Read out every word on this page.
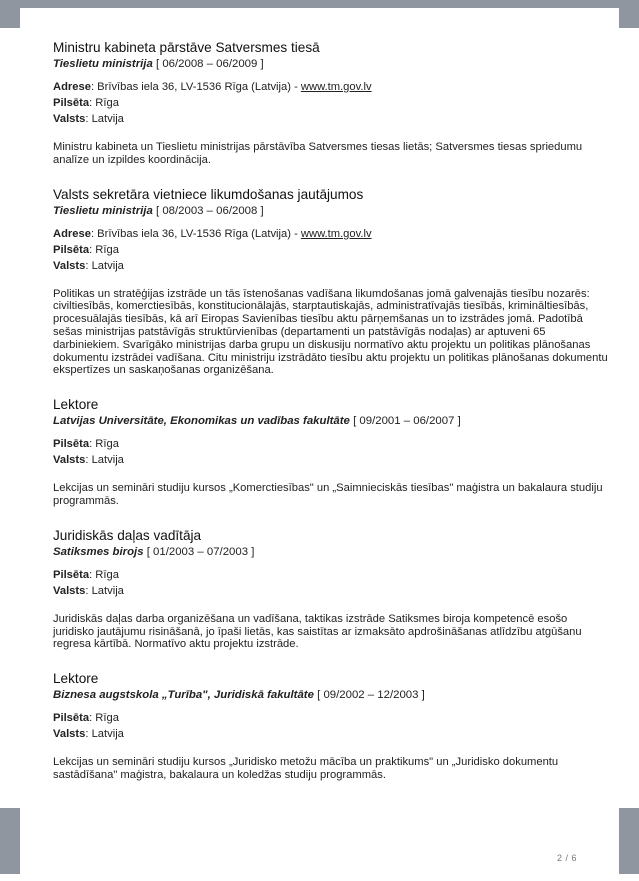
2 / 6
Ministru kabineta pārstāve Satversmes tiesā
Tieslietu ministrija [ 06/2008 – 06/2009 ]
Adrese: Brīvības iela 36, LV-1536 Rīga (Latvija) - www.tm.gov.lv
Pilsēta: Rīga
Valsts: Latvija
Ministru kabineta un Tieslietu ministrijas pārstāvība Satversmes tiesas lietās; Satversmes tiesas spriedumu analīze un izpildes koordinācija.
Valsts sekretāra vietniece likumdošanas jautājumos
Tieslietu ministrija [ 08/2003 – 06/2008 ]
Adrese: Brīvības iela 36, LV-1536 Rīga (Latvija) - www.tm.gov.lv
Pilsēta: Rīga
Valsts: Latvija
Politikas un stratēģijas izstrāde un tās īstenošanas vadīšana likumdošanas jomā galvenajās tiesību nozarēs: civiltiesībās, komerctiesībās, konstitucionālajās, starptautiskajās, administratīvajās tiesībās, krimināltiesībās, procesuālajās tiesībās, kā arī Eiropas Savienības tiesību aktu pārņemšanas un to izstrādes jomā. Padotībā sešas ministrijas patstāvīgās struktūrvienības (departamenti un patstāvīgās nodaļas) ar aptuveni 65 darbiniekiem. Svarīgāko ministrijas darba grupu un diskusiju normatīvo aktu projektu un politikas plānošanas dokumentu izstrādei vadīšana. Citu ministriju izstrādāto tiesību aktu projektu un politikas plānošanas dokumentu ekspertīzes un saskaņošanas organizēšana.
Lektore
Latvijas Universitāte, Ekonomikas un vadības fakultāte [ 09/2001 – 06/2007 ]
Pilsēta: Rīga
Valsts: Latvija
Lekcijas un semināri studiju kursos „Komerctiesības" un „Saimnieciskās tiesības" maģistra un bakalaura studiju programmās.
Juridiskās daļas vadītāja
Satiksmes birojs [ 01/2003 – 07/2003 ]
Pilsēta: Rīga
Valsts: Latvija
Juridiskās daļas darba organizēšana un vadīšana, taktikas izstrāde Satiksmes biroja kompetencē esošo juridisko jautājumu risināšanā, jo īpaši lietās, kas saistītas ar izmaksāto apdrošināšanas atlīdzību atgūšanu regresa kārtībā. Normatīvo aktu projektu izstrāde.
Lektore
Biznesa augstskola „Turība", Juridiskā fakultāte [ 09/2002 – 12/2003 ]
Pilsēta: Rīga
Valsts: Latvija
Lekcijas un semināri studiju kursos „Juridisko metožu mācība un praktikums" un „Juridisko dokumentu sastādīšana" maģistra, bakalaura un koledžas studiju programmās.
